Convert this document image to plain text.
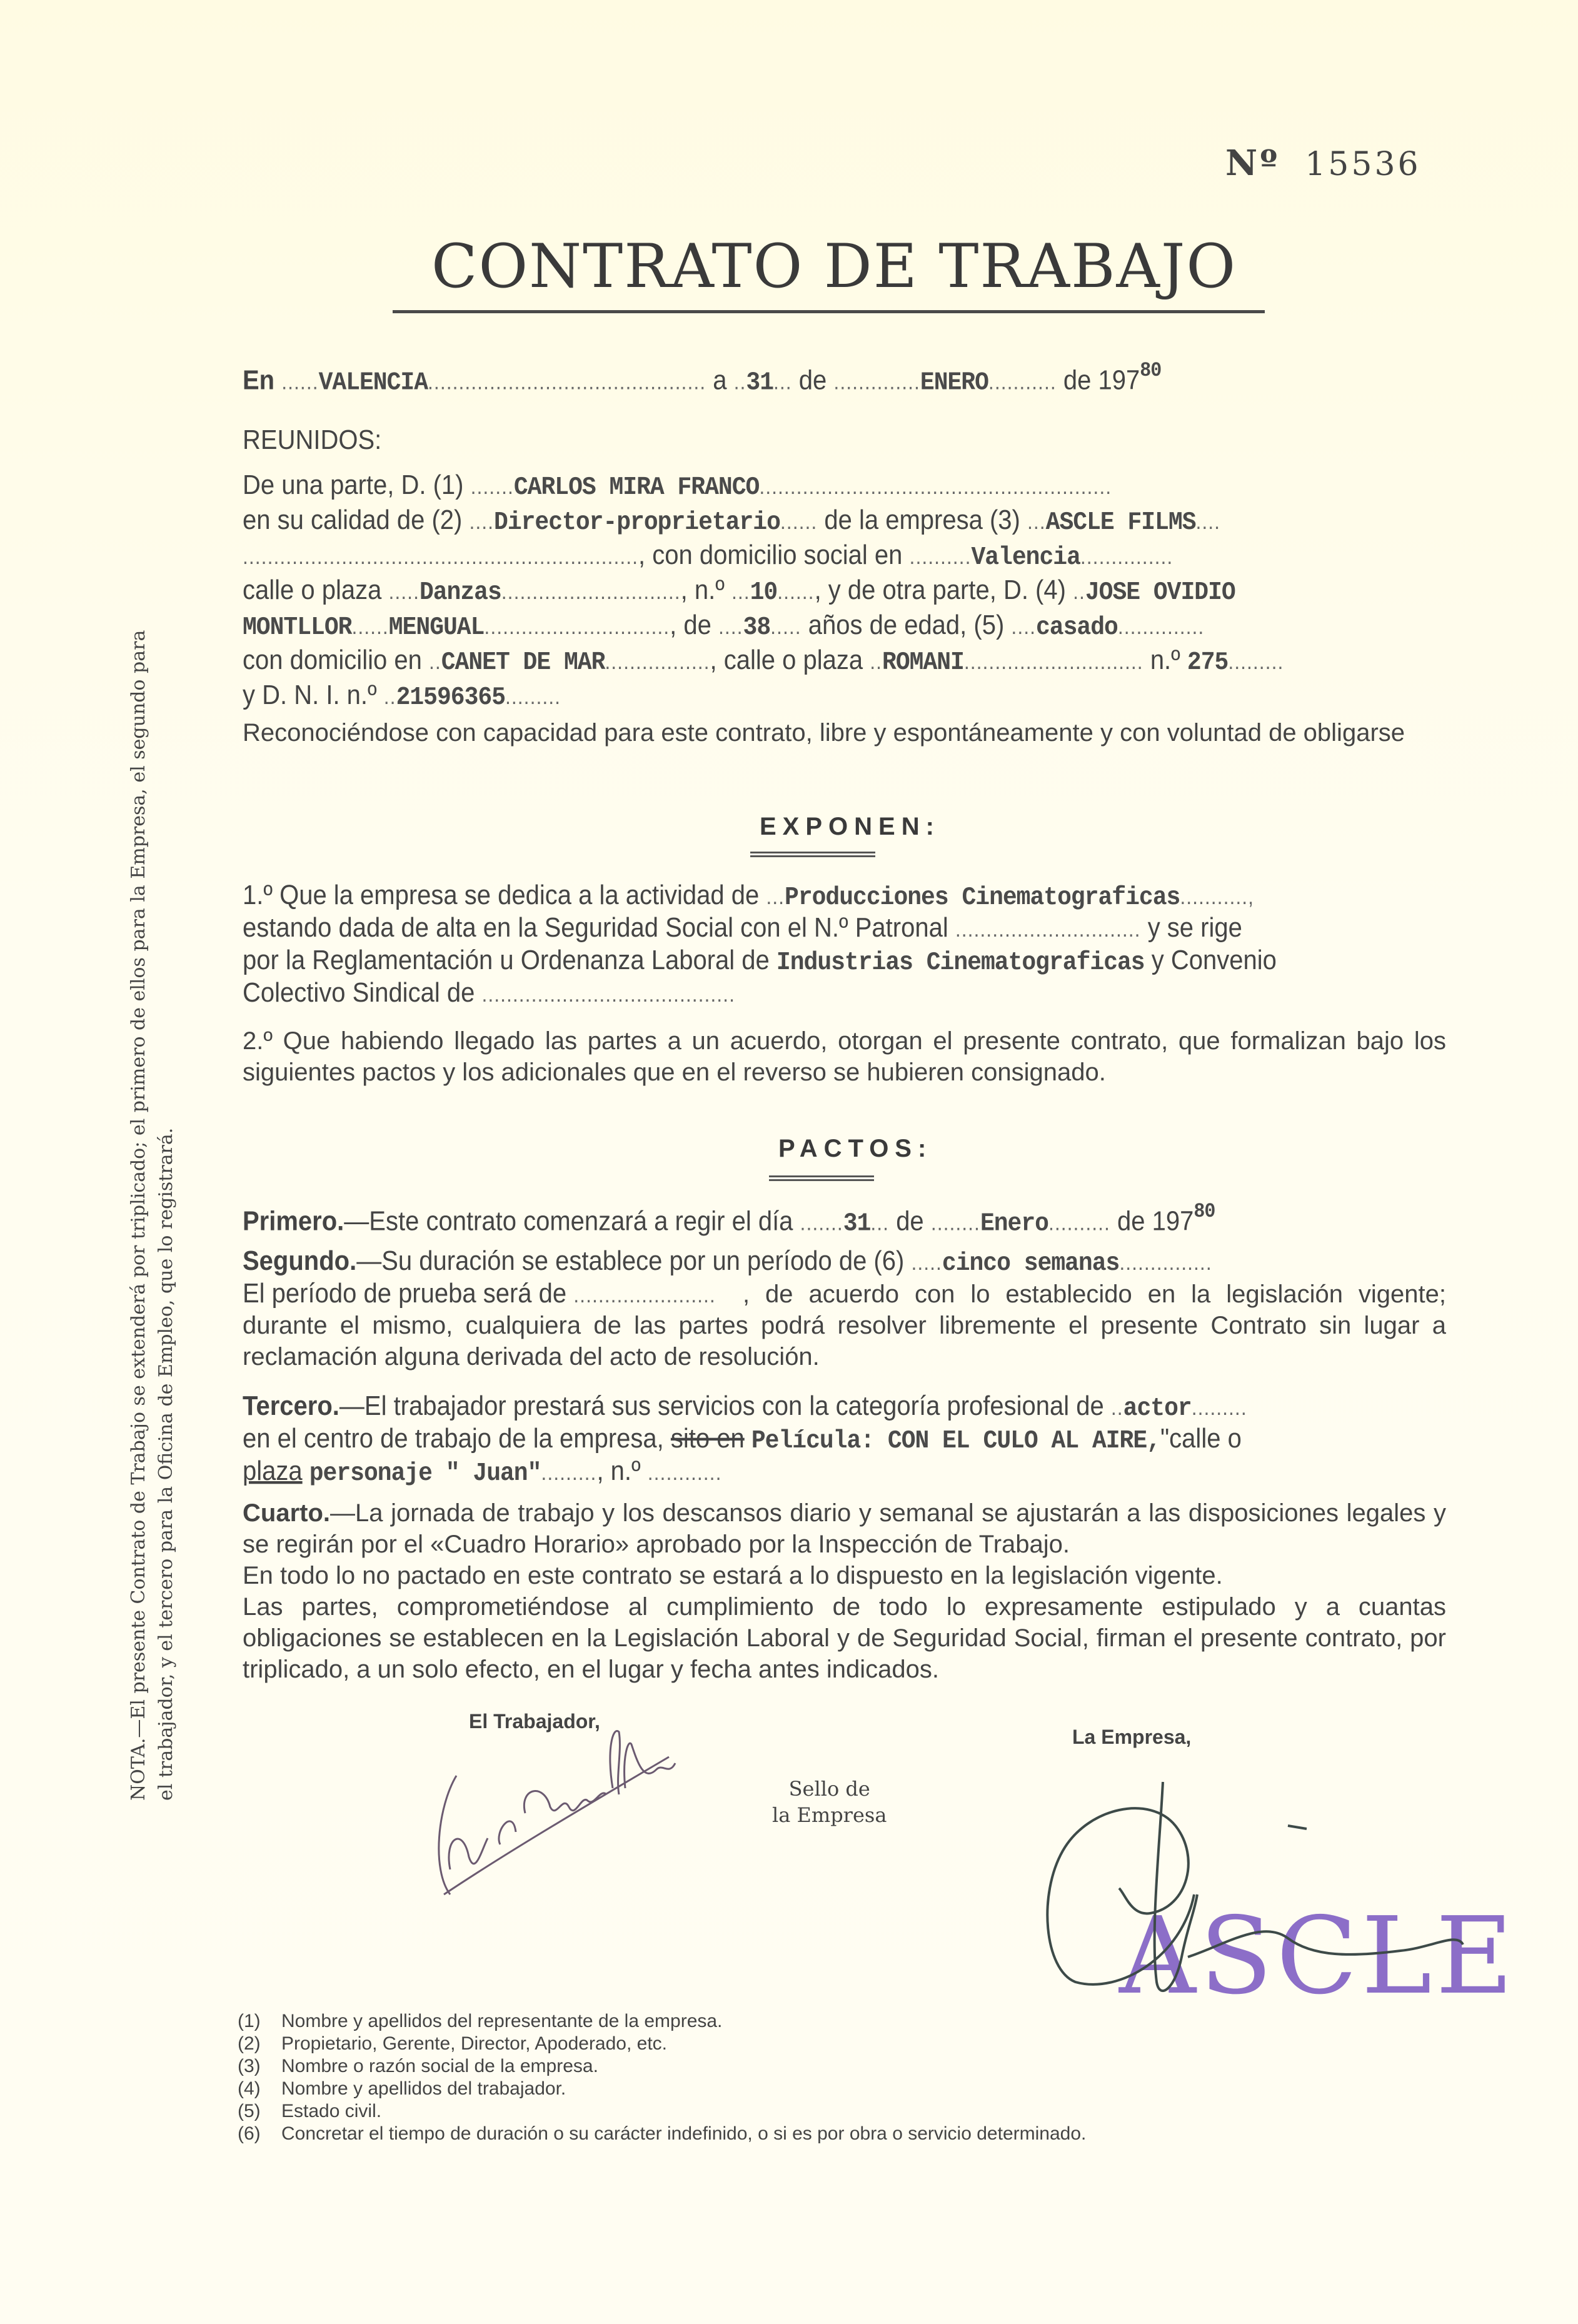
Nº 15536
CONTRATO DE TRABAJO
En ......VALENCIA............................................. a ..31... de ..............ENERO........... de $197^{80}$
REUNIDOS:
De una parte, D. (1) .......CARLOS MIRA FRANCO.........................................................
en su calidad de (2) ....Director-proprietario...... de la empresa (3) ...ASCLE FILMS....
................................................................, con domicilio social en ..........Valencia...............
calle o plaza .....Danzas............................., n.º ...10......, y de otra parte, D. (4) ..JOSE OVIDIO
MONTLLOR......MENGUAL.............................., de ....38..... años de edad, (5) ....casado..............
con domicilio en ..CANET DE MAR................., calle o plaza ..ROMANI............................. n.º 275.........
y D. N. I. n.º ..21596365.........
Reconociéndose con capacidad para este contrato, libre y espontáneamente y con voluntad de obligarse
EXPONEN:
1.º Que la empresa se dedica a la actividad de ...Producciones Cinematograficas...........,
estando dada de alta en la Seguridad Social con el N.º Patronal .............................. y se rige
por la Reglamentación u Ordenanza Laboral de Industrias Cinematograficas y Convenio
Colectivo Sindical de .........................................
2.º Que habiendo llegado las partes a un acuerdo, otorgan el presente contrato, que formalizan bajo los siguientes pactos y los adicionales que en el reverso se hubieren consignado.
PACTOS:
Primero.—Este contrato comenzará a regir el día .......31... de ........Enero.......... de $197^{80}$
Segundo.—Su duración se establece por un período de (6) .....cinco semanas...............
El período de prueba será de .......................	, de acuerdo con lo establecido en la legislación vigente; durante el mismo, cualquiera de las partes podrá resolver libremente el presente Contrato sin lugar a reclamación alguna derivada del acto de resolución.
Tercero.—El trabajador prestará sus servicios con la categoría profesional de ..actor.........
en el centro de trabajo de la empresa, sito en Película: CON EL CULO AL AIRE,"calle o
plaza personaje " Juan"........., n.º ............
Cuarto.—La jornada de trabajo y los descansos diario y semanal se ajustarán a las disposiciones legales y se regirán por el «Cuadro Horario» aprobado por la Inspección de Trabajo.
En todo lo no pactado en este contrato se estará a lo dispuesto en la legislación vigente.
Las partes, comprometiéndose al cumplimiento de todo lo expresamente estipulado y a cuantas obligaciones se establecen en la Legislación Laboral y de Seguridad Social, firman el presente contrato, por triplicado, a un solo efecto, en el lugar y fecha antes indicados.
El Trabajador,
Sello de
la Empresa
La Empresa,
ASCLE
NOTA.—El presente Contrato de Trabajo se extenderá por triplicado; el primero de ellos para la Empresa, el segundo para el trabajador, y el tercero para la Oficina de Empleo, que lo registrará.
(1) Nombre y apellidos del representante de la empresa.
(2) Propietario, Gerente, Director, Apoderado, etc.
(3) Nombre o razón social de la empresa.
(4) Nombre y apellidos del trabajador.
(5) Estado civil.
(6) Concretar el tiempo de duración o su carácter indefinido, o si es por obra o servicio determinado.
